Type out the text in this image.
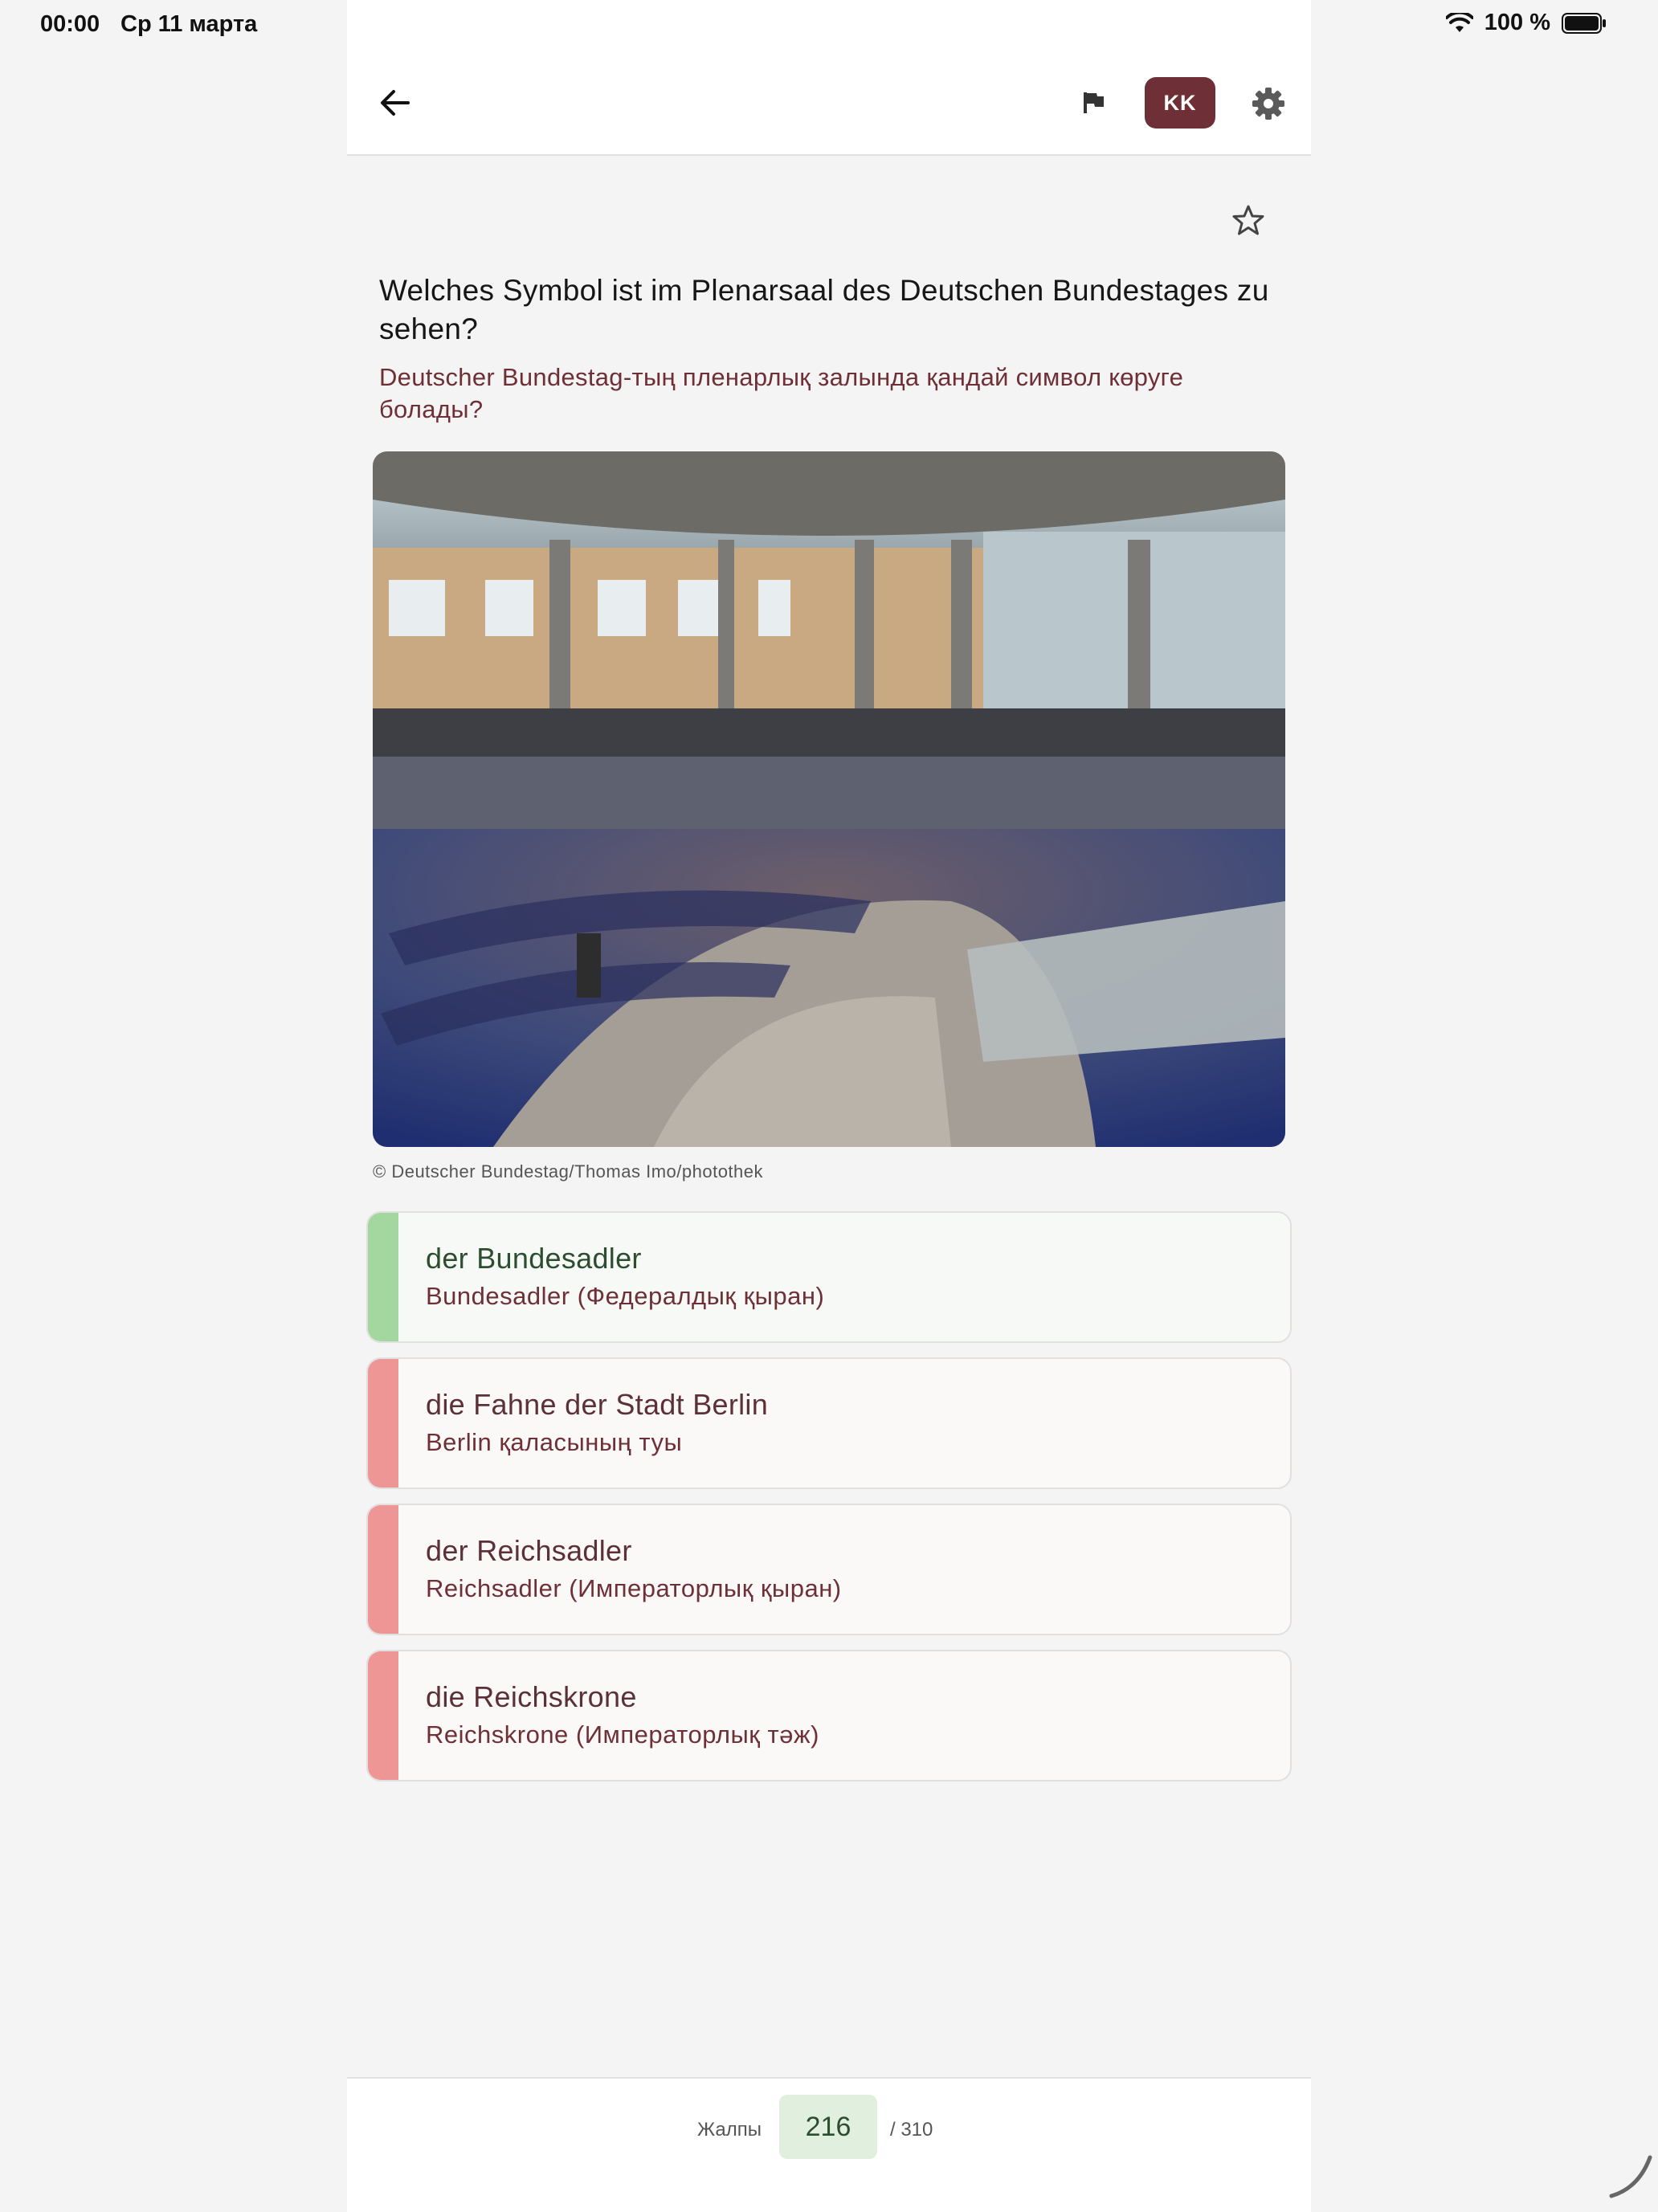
00:00 Ср 11 марта	100 %
KK
Welches Symbol ist im Plenarsaal des Deutschen Bundestages zu sehen?
Deutscher Bundestag-тың пленарлық залында қандай символ көруге болады?
© Deutscher Bundestag/Thomas Imo/photothek
der Bundesadler
Bundesadler (Федералдық қыран)
die Fahne der Stadt Berlin
Berlin қаласының туы
der Reichsadler
Reichsadler (Императорлық қыран)
die Reichskrone
Reichskrone (Императорлық тәж)
Жалпы	216	/ 310
